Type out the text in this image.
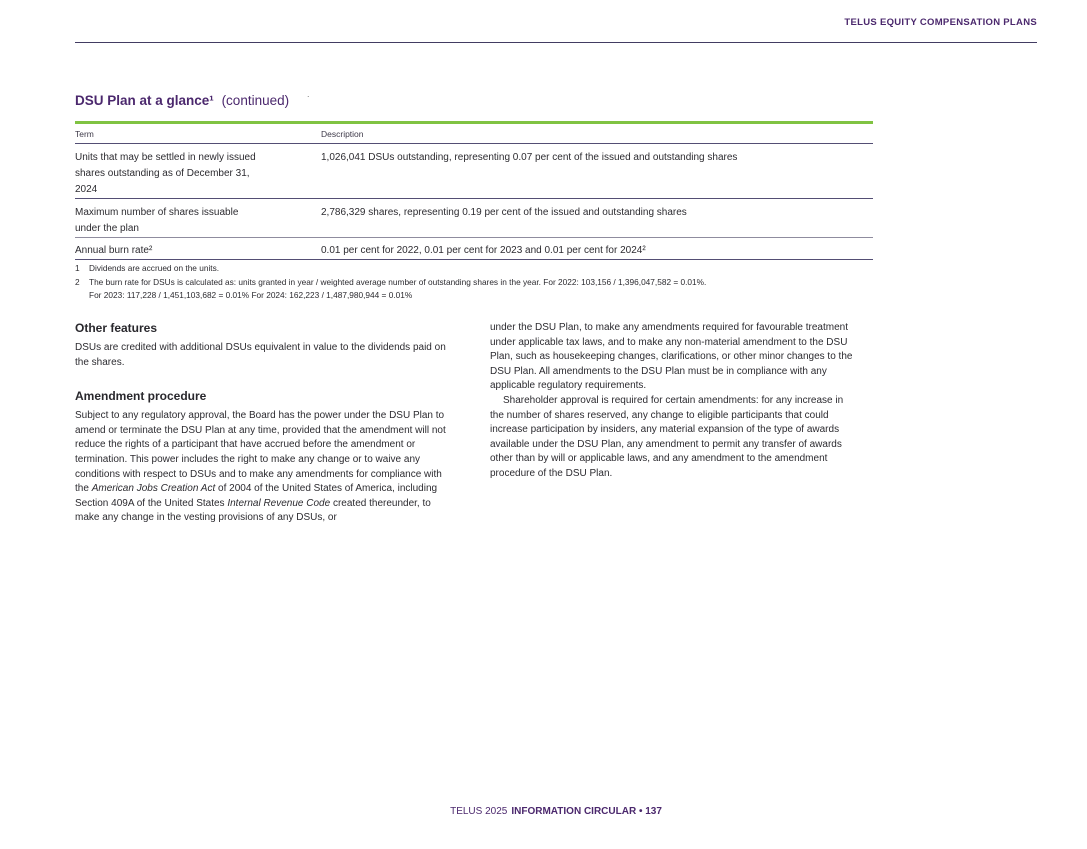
TELUS EQUITY COMPENSATION PLANS
DSU Plan at a glance¹ (continued) ·
Term	Description

Units that may be settled in newly issued shares outstanding as of December 31, 2024	1,026,041 DSUs outstanding, representing 0.07 per cent of the issued and outstanding shares

Maximum number of shares issuable under the plan	2,786,329 shares, representing 0.19 per cent of the issued and outstanding shares

Annual burn rate²	0.01 per cent for 2022, 0.01 per cent for 2023 and 0.01 per cent for 2024²
1	Dividends are accrued on the units.
2	The burn rate for DSUs is calculated as: units granted in year / weighted average number of outstanding shares in the year. For 2022: 103,156 / 1,396,047,582 = 0.01%.
For 2023: 117,228 / 1,451,103,682 = 0.01% For 2024: 162,223 / 1,487,980,944 = 0.01%
Other features

DSUs are credited with additional DSUs equivalent in value to the dividends paid on the shares.

Amendment procedure

Subject to any regulatory approval, the Board has the power under the DSU Plan to amend or terminate the DSU Plan at any time, provided that the amendment will not reduce the rights of a participant that have accrued before the amendment or termination. This power includes the right to make any change or to waive any conditions with respect to DSUs and to make any amendments for compliance with the American Jobs Creation Act of 2004 of the United States of America, including Section 409A of the United States Internal Revenue Code created thereunder, to make any change in the vesting provisions of any DSUs, or

under the DSU Plan, to make any amendments required for favourable treatment under applicable tax laws, and to make any non-material amendment to the DSU Plan, such as housekeeping changes, clarifications, or other minor changes to the DSU Plan. All amendments to the DSU Plan must be in compliance with any applicable regulatory requirements.

Shareholder approval is required for certain amendments: for any increase in the number of shares reserved, any change to eligible participants that could increase participation by insiders, any material expansion of the type of awards available under the DSU Plan, any amendment to permit any transfer of awards other than by will or applicable laws, and any amendment to the amendment procedure of the DSU Plan.

TELUS 2025 INFORMATION CIRCULAR • 137
